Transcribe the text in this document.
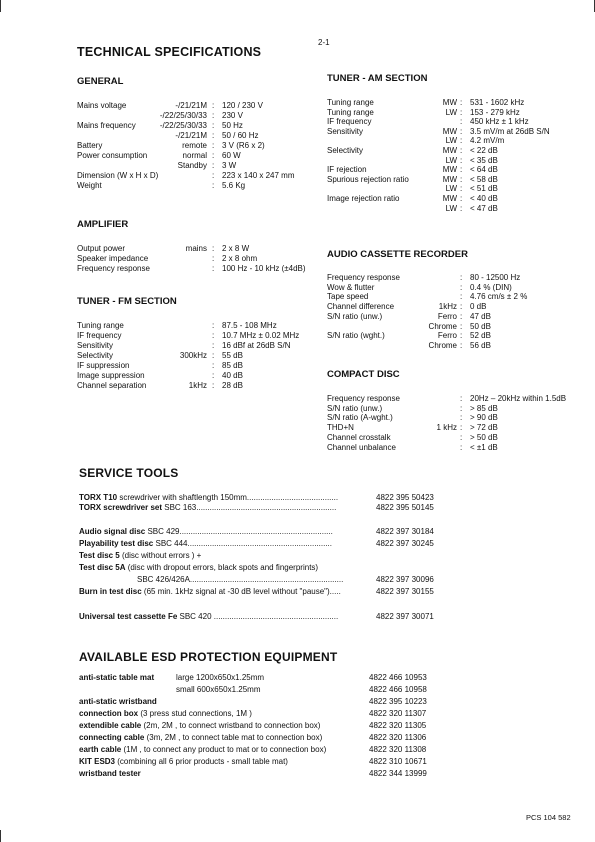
2-1
TECHNICAL SPECIFICATIONS
GENERAL
Mains voltage	-/21/21M : 120 / 230 V
-/22/25/30/33 : 230 V
Mains frequency	-/22/25/30/33 : 50 Hz
-/21/21M : 50 / 60 Hz
Battery	remote : 3 V (R6 x 2)
Power consumption	normal : 60 W
Standby : 3 W
Dimension (W x H x D)	: 223 x 140 x 247 mm
Weight	: 5.6 Kg
AMPLIFIER
Output power	mains : 2 x 8 W
Speaker impedance	: 2 x 8 ohm
Frequency response	: 100 Hz - 10 kHz (±4dB)
TUNER - FM SECTION
Tuning range	: 87.5 - 108 MHz
IF frequency	: 10.7 MHz ± 0.02 MHz
Sensitivity	: 16 dBf at 26dB S/N
Selectivity	300kHz : 55 dB
IF suppression	: 85 dB
Image suppression	: 40 dB
Channel separation	1kHz : 28 dB
TUNER - AM SECTION
Tuning range	MW : 531 - 1602 kHz
Tuning range	LW : 153 - 279 kHz
IF frequency	: 450 kHz ± 1 kHz
Sensitivity	MW : 3.5 mV/m at 26dB S/N
LW : 4.2 mV/m
Selectivity	MW : < 22 dB
LW : < 35 dB
IF rejection	MW : < 64 dB
Spurious rejection ratio	MW : < 58 dB
LW : < 51 dB
Image rejection ratio	MW : < 40 dB
LW : < 47 dB
AUDIO CASSETTE RECORDER
Frequency response	: 80 - 12500 Hz
Wow & flutter	: 0.4 % (DIN)
Tape speed	: 4.76 cm/s ± 2 %
Channel difference	1kHz : 0 dB
S/N ratio (unw.)	Ferro : 47 dB
Chrome : 50 dB
S/N ratio (wght.)	Ferro : 52 dB
Chrome : 56 dB
COMPACT DISC
Frequency response	: 20Hz – 20kHz within 1.5dB
S/N ratio (unw.)	: > 85 dB
S/N ratio (A-wght.)	: > 90 dB
THD+N	1 kHz : > 72 dB
Channel crosstalk	: > 50 dB
Channel unbalance	: < ±1 dB
SERVICE TOOLS
TORX T10 screwdriver with shaftlength 150mm.........................................	4822 395 50423
TORX screwdriver set SBC 163...............................................................	4822 395 50145
Audio signal disc SBC 429.....................................................................	4822 397 30184
Playability test disc SBC 444.................................................................	4822 397 30245
Test disc 5 (disc without errors ) +
Test disc 5A (disc with dropout errors, black spots and fingerprints)
SBC 426/426A.....................................................................	4822 397 30096
Burn in test disc (65 min. 1kHz signal at -30 dB level without "pause").....	4822 397 30155
Universal test cassette Fe SBC 420 ........................................................	4822 397 30071
AVAILABLE ESD PROTECTION EQUIPMENT
anti-static table mat	large 1200x650x1.25mm	4822 466 10953
small 600x650x1.25mm	4822 466 10958
anti-static wristband	4822 395 10223
connection box (3 press stud connections, 1M )	4822 320 11307
extendible cable (2m, 2M , to connect wristband to connection box)	4822 320 11305
connecting cable (3m, 2M , to connect table mat to connection box)	4822 320 11306
earth cable (1M , to connect any product to mat or to connection box)	4822 320 11308
KIT ESD3 (combining all 6 prior products - small table mat)	4822 310 10671
wristband tester	4822 344 13999
PCS 104 582
